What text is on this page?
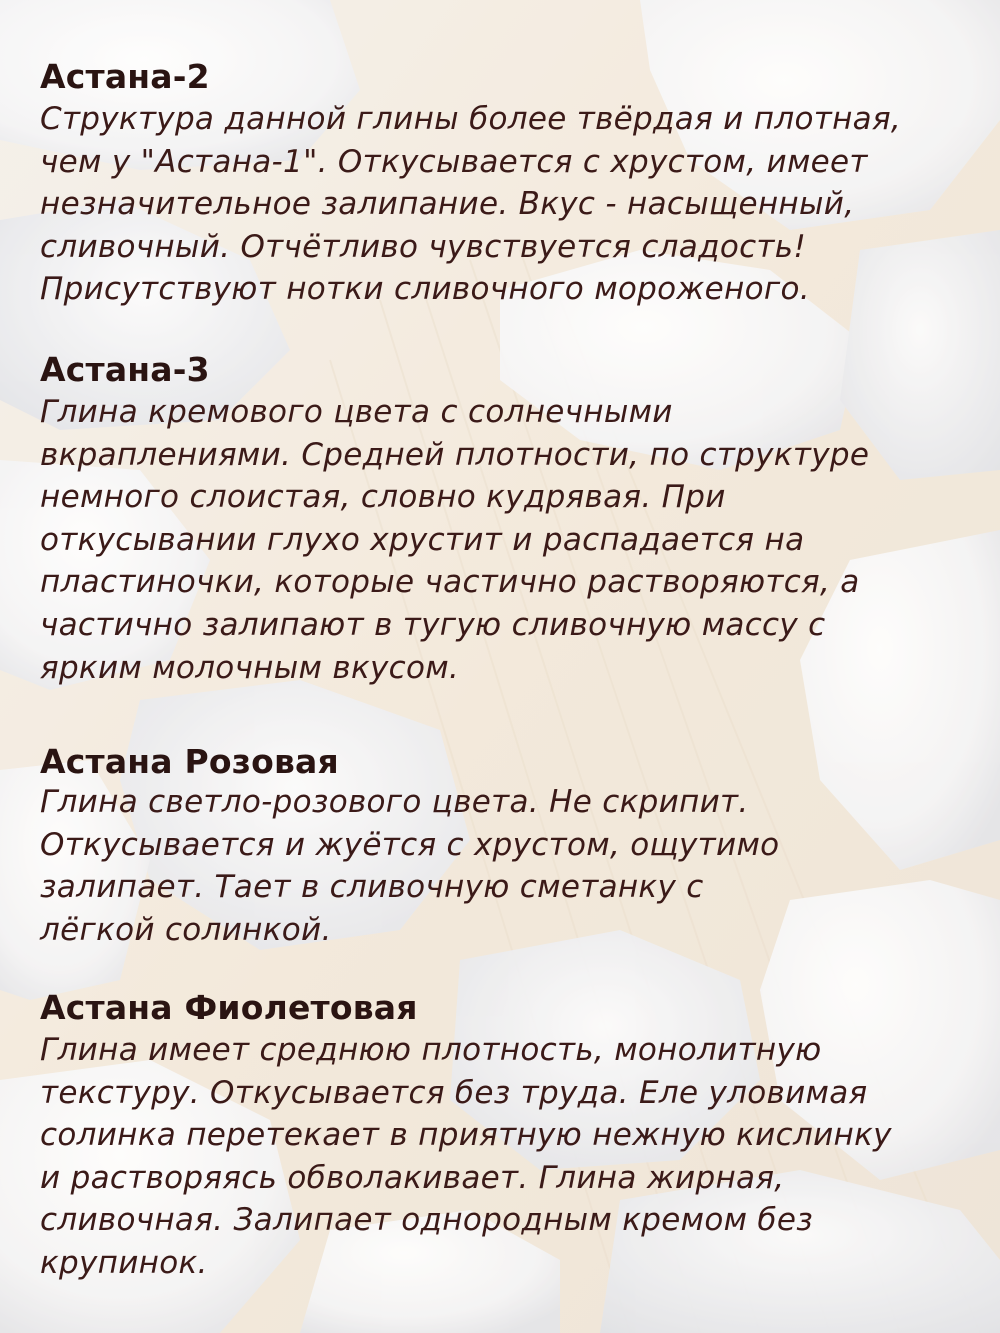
Астана-2

Структура данной глины более твёрдая и плотная,
чем у "Астана-1". Откусывается с хрустом, имеет
незначительное залипание. Вкус - насыщенный,
сливочный. Отчётливо чувствуется сладость!
Присутствуют нотки сливочного мороженого.

Астана-3

Глина кремового цвета с солнечными
вкраплениями. Средней плотности, по структуре
немного слоистая, словно кудрявая. При
откусывании глухо хрустит и распадается на
пластиночки, которые частично растворяются, а
частично залипают в тугую сливочную массу с
ярким молочным вкусом.

Астана Розовая

Глина светло-розового цвета. Не скрипит.
Откусывается и жуётся с хрустом, ощутимо
залипает. Тает в сливочную сметанку с
лёгкой солинкой.

Астана Фиолетовая

Глина имеет среднюю плотность, монолитную
текстуру. Откусывается без труда. Еле уловимая
солинка перетекает в приятную нежную кислинку
и растворяясь обволакивает. Глина жирная,
сливочная. Залипает однородным кремом без
крупинок.
